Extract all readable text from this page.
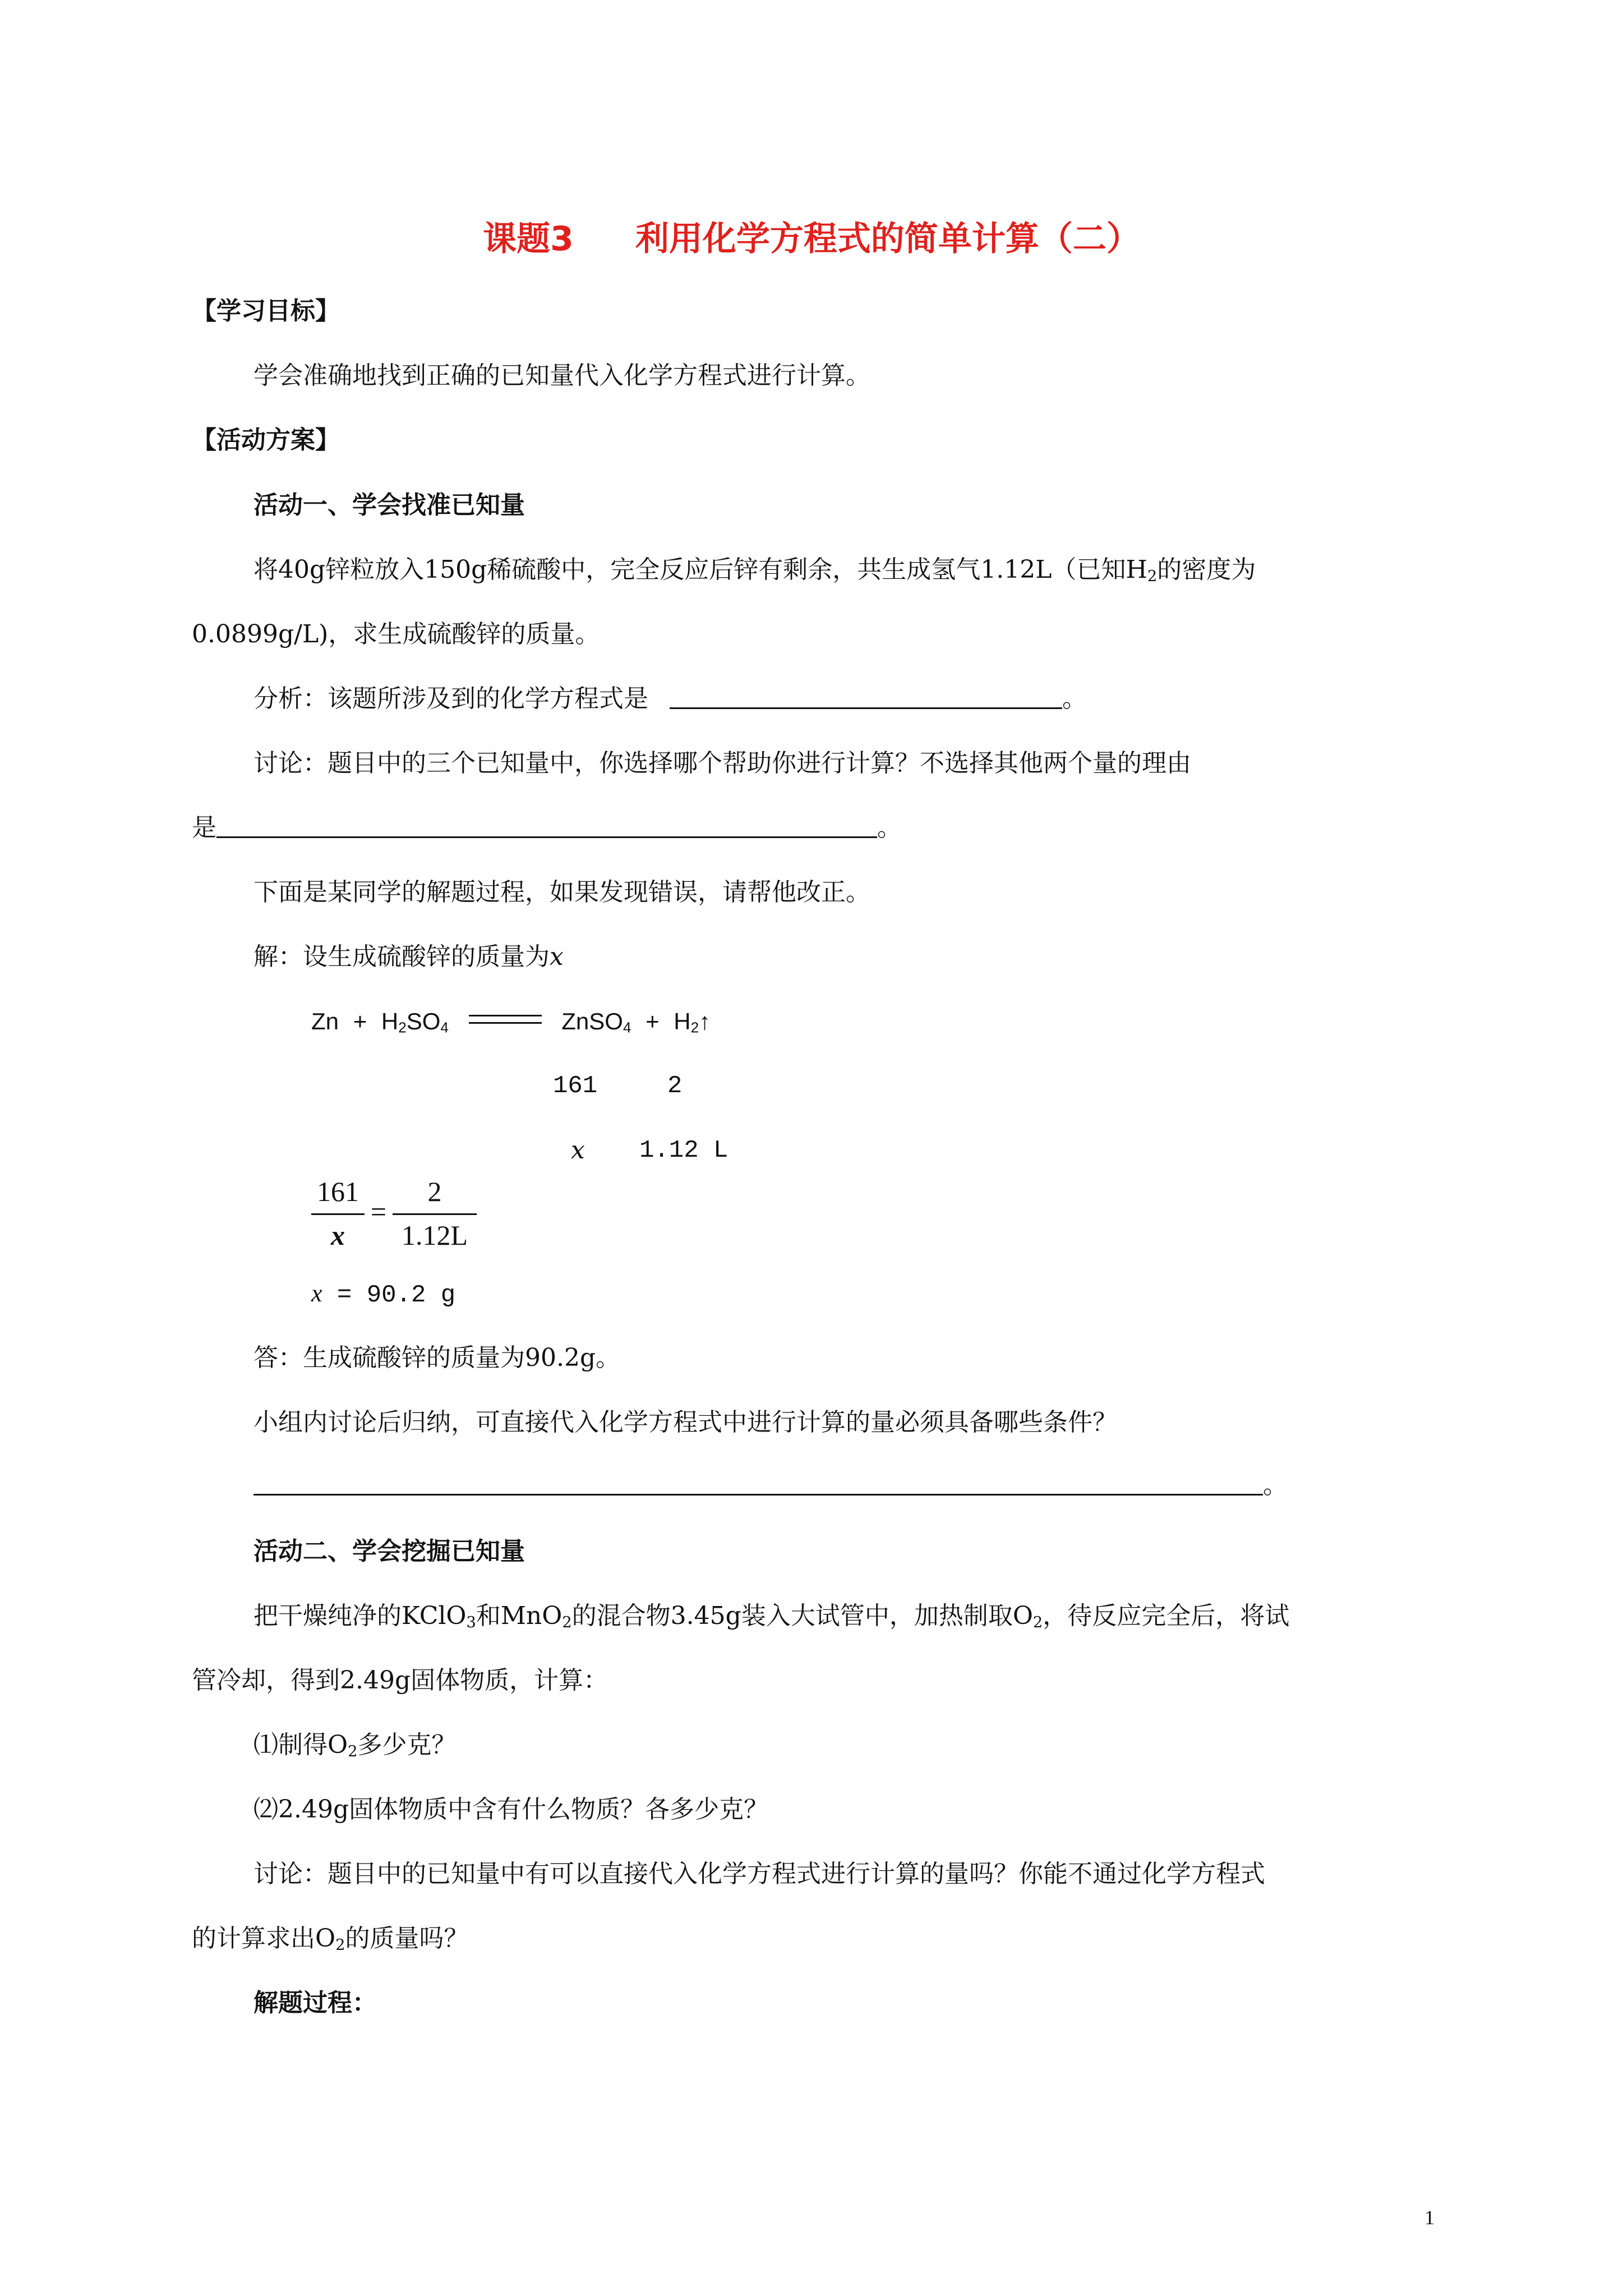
课题3 利用化学方程式的简单计算（二）
【学习目标】
学会准确地找到正确的已知量代入化学方程式进行计算。
【活动方案】
活动一、学会找准已知量
将40g锌粒放入150g稀硫酸中，完全反应后锌有剩余，共生成氢气1.12L（已知$H_2$的密度为
0.0899g/L)，求生成硫酸锌的质量。
分析：该题所涉及到的化学方程式是	。
讨论：题目中的三个已知量中，你选择哪个帮助你进行计算？不选择其他两个量的理由
是	。
下面是某同学的解题过程，如果发现错误，请帮他改正。
解：设生成硫酸锌的质量为x
$Zn + H_2SO_4$	ZnSO$_4$ + $H_2↑$
161	2
x 1.12 L
161
x
=
2
1.12L
x = 90.2 g
答：生成硫酸锌的质量为90.2g。
小组内讨论后归纳，可直接代入化学方程式中进行计算的量必须具备哪些条件？
。
活动二、学会挖掘已知量
把干燥纯净的KClO$_3$和MnO$_2$的混合物3.45g装入大试管中，加热制取$O_2$，待反应完全后，将试
管冷却，得到2.49g固体物质，计算：
⑴制得$O_2$多少克？
⑵2.49g固体物质中含有什么物质？各多少克？
讨论：题目中的已知量中有可以直接代入化学方程式进行计算的量吗？你能不通过化学方程式
的计算求出$O_2$的质量吗？
解题过程：
1
